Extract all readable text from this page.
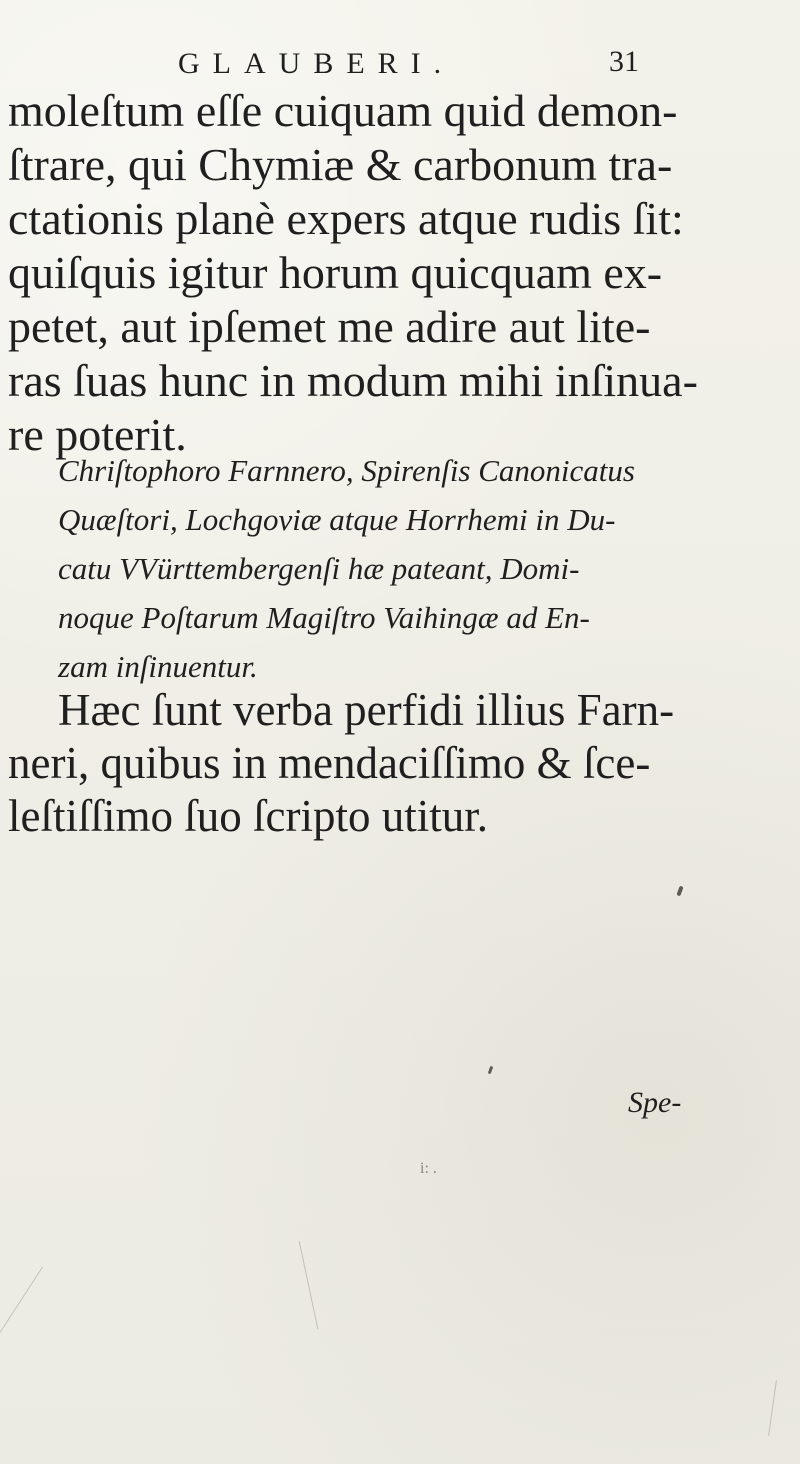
GLAUBERI.	31
moleſtum eſſe cuiquam quid demon-
ſtrare, qui Chymiæ & carbonum tra-
ctationis planè expers atque rudis ſit:
quiſquis igitur horum quicquam ex-
petet, aut ipſemet me adire aut lite-
ras ſuas hunc in modum mihi inſinua-
re poterit.
Chriſtophoro Farnnero, Spirenſis Canonicatus
Quæſtori, Lochgoviæ atque Horrhemi in Du-
catu VVürttembergenſi hæ pateant, Domi-
noque Poſtarum Magiſtro Vaihingæ ad En-
zam inſinuentur.
Hæc ſunt verba perfidi illius Farn-
neri, quibus in mendaciſſimo & ſce-
leſtiſſimo ſuo ſcripto utitur.
Spe-
i: .
